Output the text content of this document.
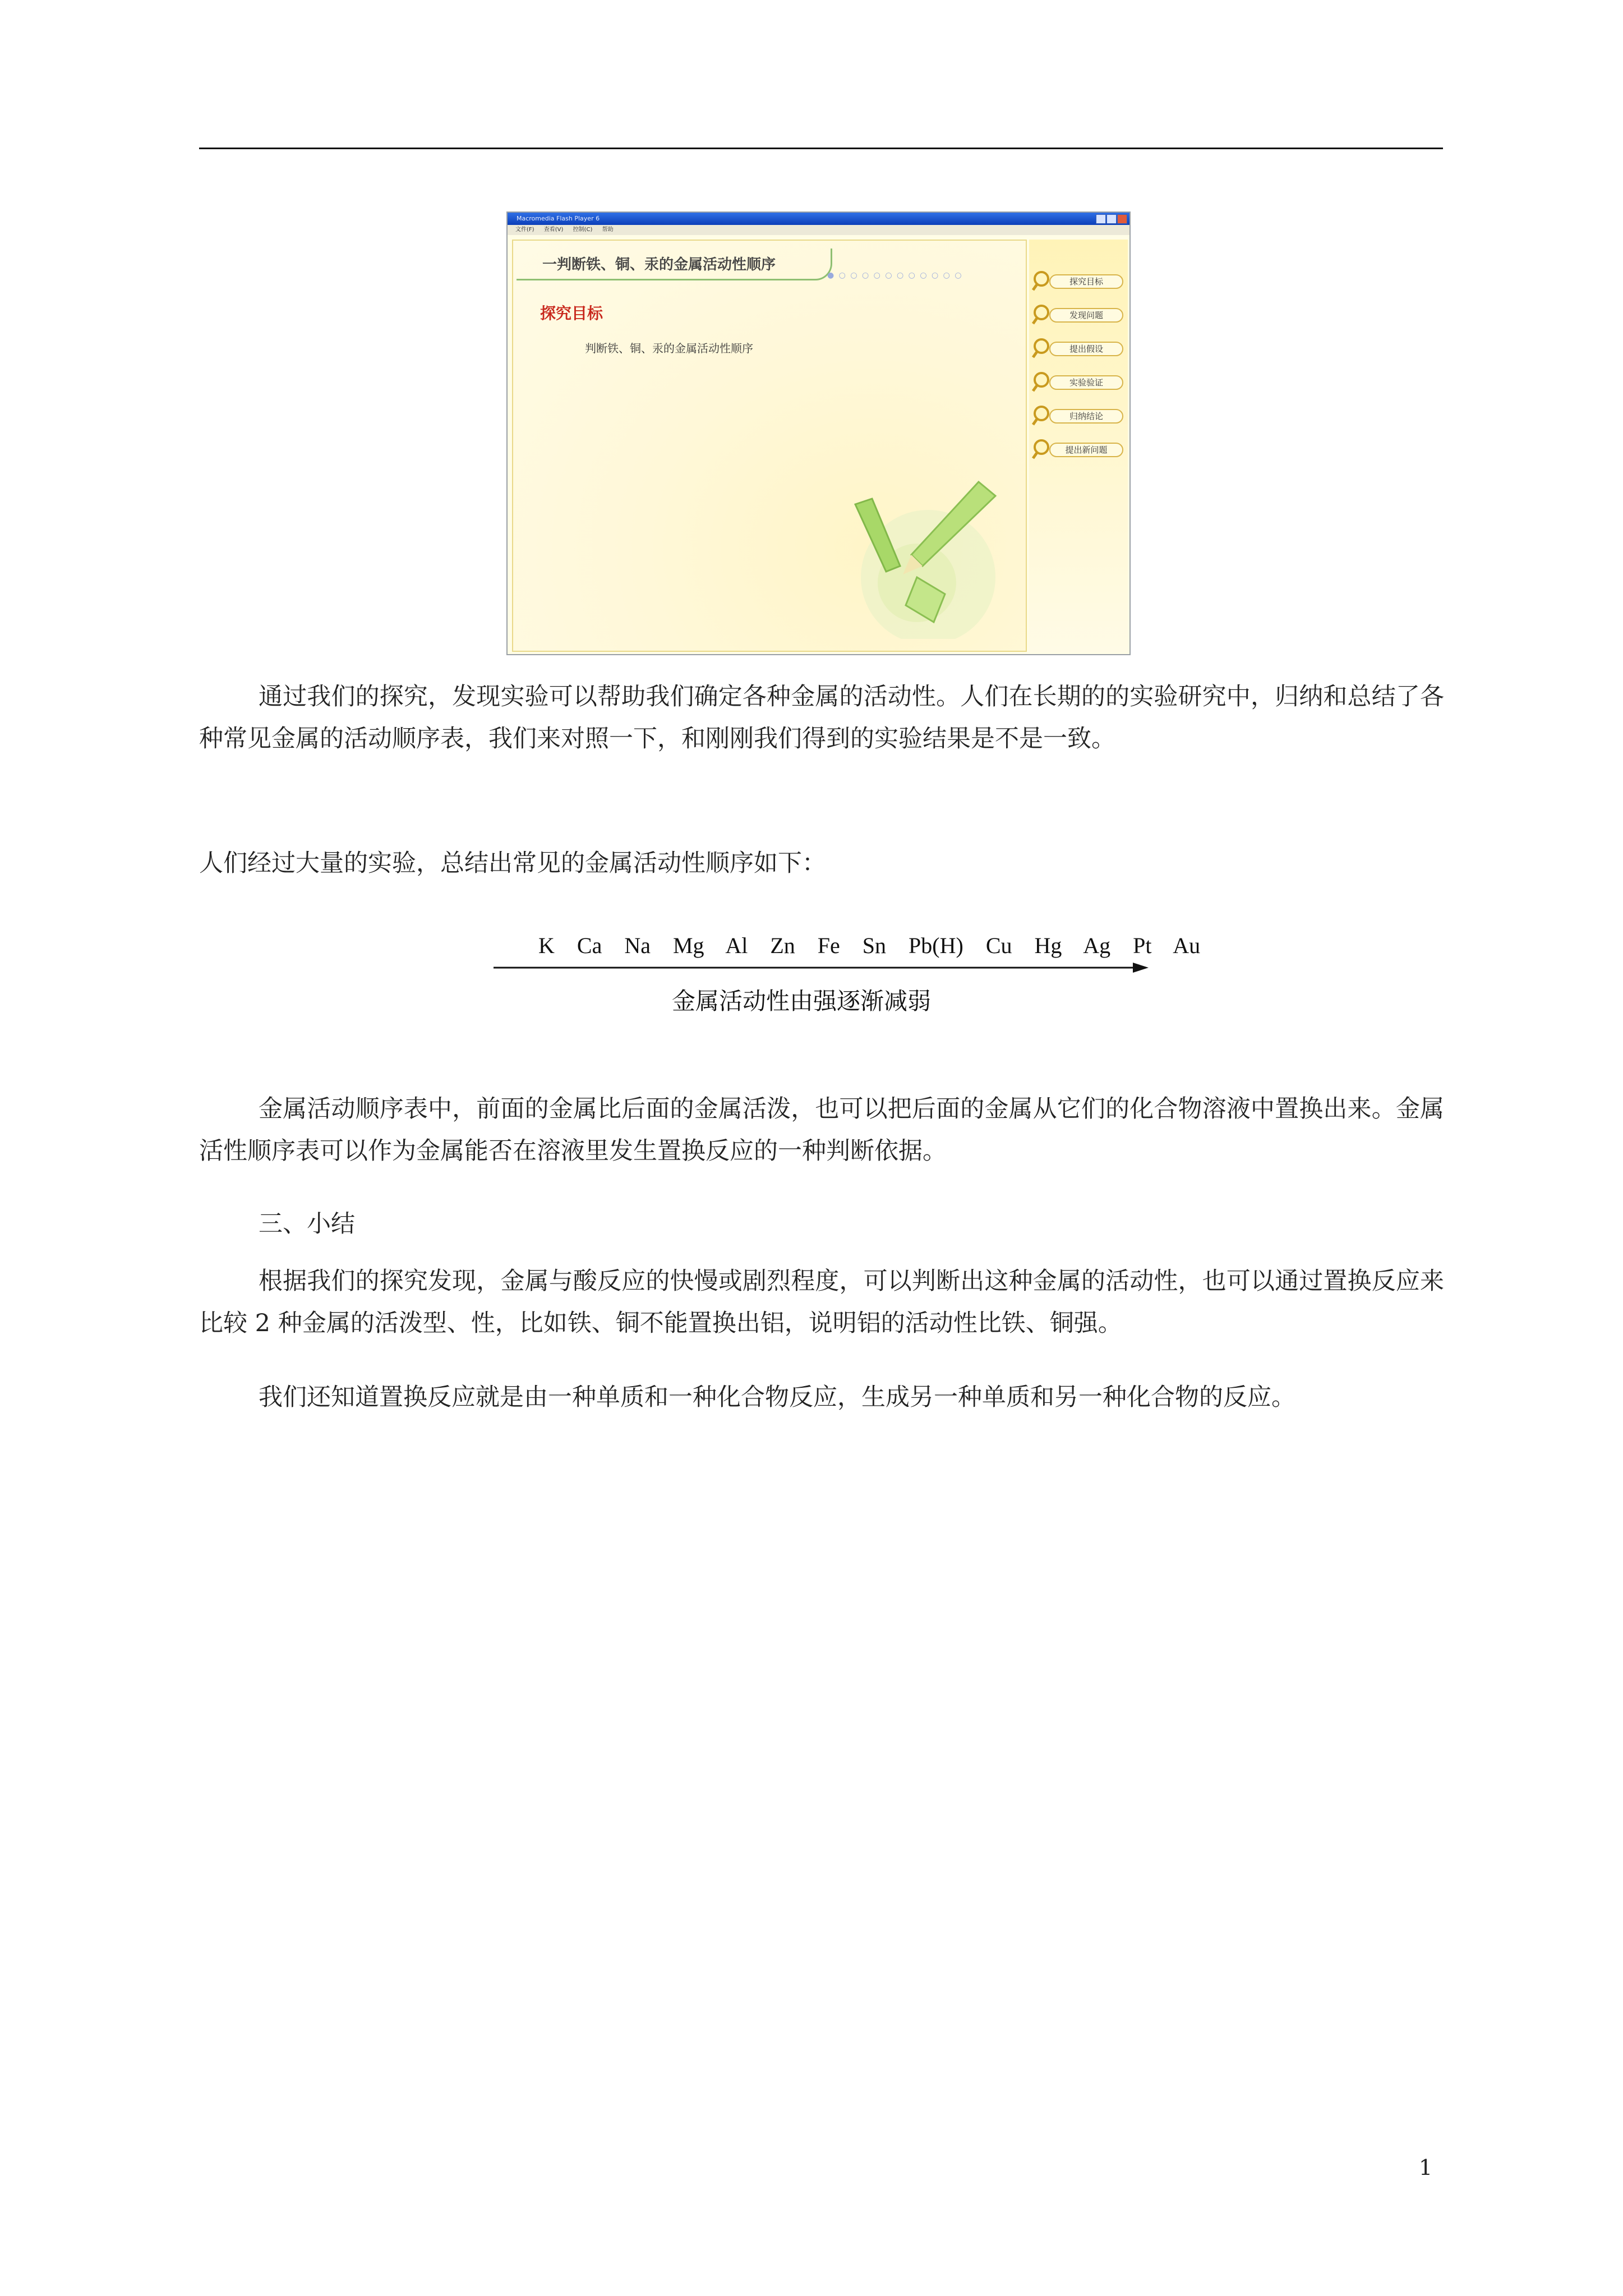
Macromedia Flash Player 6
文件(F) 查看(V) 控制(C) 帮助
一判断铁、铜、汞的金属活动性顺序
● ○ ○ ○ ○ ○ ○ ○ ○ ○ ○ ○
探究目标
判断铁、铜、汞的金属活动性顺序
探究目标
发现问题
提出假设
实验验证
归纳结论
提出新问题

通过我们的探究，发现实验可以帮助我们确定各种金属的活动性。人们在长期的的实验研究中，归纳和总结了各种常见金属的活动顺序表，我们来对照一下，和刚刚我们得到的实验结果是不是一致。

人们经过大量的实验，总结出常见的金属活动性顺序如下：

K Ca Na Mg Al Zn Fe Sn Pb(H) Cu Hg Ag Pt Au
金属活动性由强逐渐减弱

金属活动顺序表中，前面的金属比后面的金属活泼，也可以把后面的金属从它们的化合物溶液中置换出来。金属活性顺序表可以作为金属能否在溶液里发生置换反应的一种判断依据。

三、小结

根据我们的探究发现，金属与酸反应的快慢或剧烈程度，可以判断出这种金属的活动性，也可以通过置换反应来比较 2 种金属的活泼型、性，比如铁、铜不能置换出铝，说明铝的活动性比铁、铜强。

我们还知道置换反应就是由一种单质和一种化合物反应，生成另一种单质和另一种化合物的反应。

1
